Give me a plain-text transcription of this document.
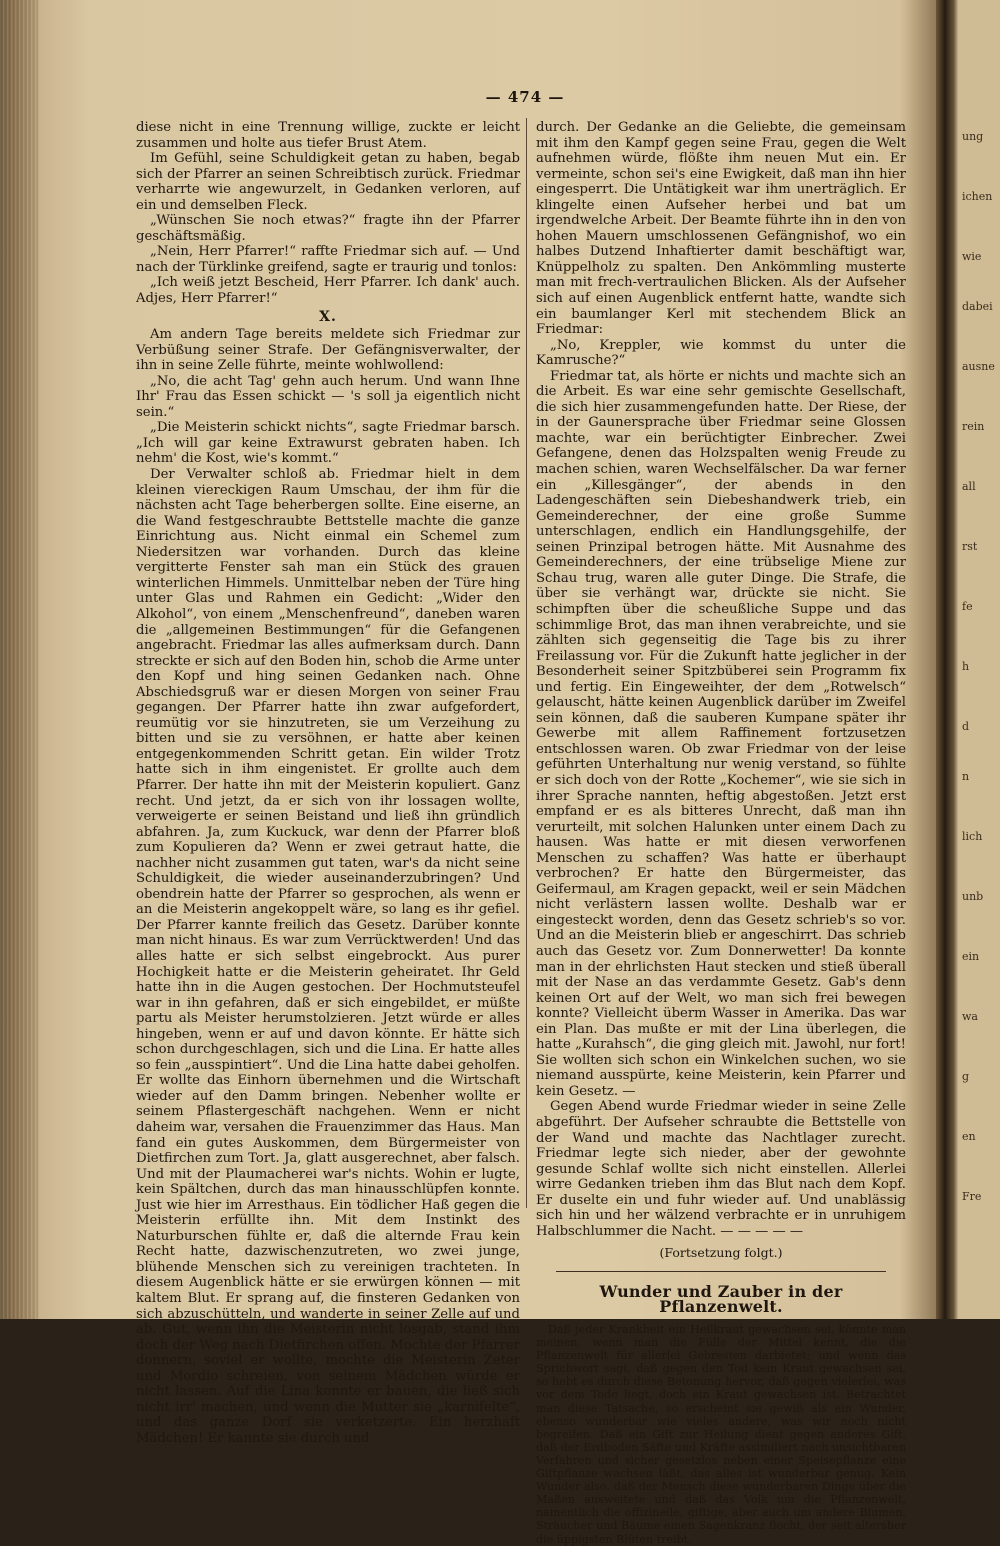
ung
ichen
wie
dabei
ausne
rein
all
rst
fe
h
d
n
lich
unb
ein
wa
g
en
Fre
— 474 —

diese nicht in eine Trennung willige, zuckte er leicht zusammen und holte aus tiefer Brust Atem.

Im Gefühl, seine Schuldigkeit getan zu haben, begab sich der Pfarrer an seinen Schreibtisch zurück. Friedmar verharrte wie angewurzelt, in Gedanken verloren, auf ein und demselben Fleck.

„Wünschen Sie noch etwas?“ fragte ihn der Pfarrer geschäftsmäßig.

„Nein, Herr Pfarrer!“ raffte Friedmar sich auf. — Und nach der Türklinke greifend, sagte er traurig und tonlos:

„Ich weiß jetzt Bescheid, Herr Pfarrer. Ich dank' auch. Adjes, Herr Pfarrer!“

X.

Am andern Tage bereits meldete sich Friedmar zur Verbüßung seiner Strafe. Der Gefängnisverwalter, der ihn in seine Zelle führte, meinte wohlwollend:

„No, die acht Tag' gehn auch herum. Und wann Ihne Ihr' Frau das Essen schickt — 's soll ja eigentlich nicht sein.“

„Die Meisterin schickt nichts“, sagte Friedmar barsch. „Ich will gar keine Extrawurst gebraten haben. Ich nehm' die Kost, wie's kommt.“

Der Verwalter schloß ab. Friedmar hielt in dem kleinen viereckigen Raum Umschau, der ihm für die nächsten acht Tage beherbergen sollte. Eine eiserne, an die Wand festgeschraubte Bettstelle machte die ganze Einrichtung aus. Nicht einmal ein Schemel zum Niedersitzen war vorhanden. Durch das kleine vergitterte Fenster sah man ein Stück des grauen winterlichen Himmels. Unmittelbar neben der Türe hing unter Glas und Rahmen ein Gedicht: „Wider den Alkohol“, von einem „Menschenfreund“, daneben waren die „allgemeinen Bestimmungen“ für die Gefangenen angebracht. Friedmar las alles aufmerksam durch. Dann streckte er sich auf den Boden hin, schob die Arme unter den Kopf und hing seinen Gedanken nach. Ohne Abschiedsgruß war er diesen Morgen von seiner Frau gegangen. Der Pfarrer hatte ihn zwar aufgefordert, reumütig vor sie hinzutreten, sie um Verzeihung zu bitten und sie zu versöhnen, er hatte aber keinen entgegenkommenden Schritt getan. Ein wilder Trotz hatte sich in ihm eingenistet. Er grollte auch dem Pfarrer. Der hatte ihn mit der Meisterin kopuliert. Ganz recht. Und jetzt, da er sich von ihr lossagen wollte, verweigerte er seinen Beistand und ließ ihn gründlich abfahren. Ja, zum Kuckuck, war denn der Pfarrer bloß zum Kopulieren da? Wenn er zwei getraut hatte, die nachher nicht zusammen gut taten, war's da nicht seine Schuldigkeit, die wieder auseinanderzubringen? Und obendrein hatte der Pfarrer so gesprochen, als wenn er an die Meisterin angekoppelt wäre, so lang es ihr gefiel. Der Pfarrer kannte freilich das Gesetz. Darüber konnte man nicht hinaus. Es war zum Verrücktwerden! Und das alles hatte er sich selbst eingebrockt. Aus purer Hochigkeit hatte er die Meisterin geheiratet. Ihr Geld hatte ihn in die Augen gestochen. Der Hochmutsteufel war in ihn gefahren, daß er sich eingebildet, er müßte partu als Meister herumstolzieren. Jetzt würde er alles hingeben, wenn er auf und davon könnte. Er hätte sich schon durchgeschlagen, sich und die Lina. Er hatte alles so fein „ausspintiert“. Und die Lina hatte dabei geholfen. Er wollte das Einhorn übernehmen und die Wirtschaft wieder auf den Damm bringen. Nebenher wollte er seinem Pflastergeschäft nachgehen. Wenn er nicht daheim war, versahen die Frauenzimmer das Haus. Man fand ein gutes Auskommen, dem Bürgermeister von Dietfirchen zum Tort. Ja, glatt ausgerechnet, aber falsch. Und mit der Plaumacherei war's nichts. Wohin er lugte, kein Spältchen, durch das man hinausschlüpfen konnte. Just wie hier im Arresthaus. Ein tödlicher Haß gegen die Meisterin erfüllte ihn. Mit dem Instinkt des Naturburschen fühlte er, daß die alternde Frau kein Recht hatte, dazwischenzutreten, wo zwei junge, blühende Menschen sich zu vereinigen trachteten. In diesem Augenblick hätte er sie erwürgen können — mit kaltem Blut. Er sprang auf, die finsteren Gedanken von sich abzuschütteln, und wanderte in seiner Zelle auf und ab. Gut, wenn ihn die Meisterin nicht losgab, stand ihm doch der Weg nach Dietfirchen offen. Mochte der Pfarrer donnern, soviel er wollte, mochte die Meisterin Zeter und Mordio schreien, von seinem Mädchen würde er nicht lassen. Auf die Lina konnte er bauen, die ließ sich nicht irr' machen, und wenn die Mutter sie „karnifelte“, und das ganze Dorf sie verketzerte. Ein herzhaft Mädchen! Er kannte sie durch und

durch. Der Gedanke an die Geliebte, die gemeinsam mit ihm den Kampf gegen seine Frau, gegen die Welt aufnehmen würde, flößte ihm neuen Mut ein. Er vermeinte, schon sei's eine Ewigkeit, daß man ihn hier eingesperrt. Die Untätigkeit war ihm unerträglich. Er klingelte einen Aufseher herbei und bat um irgendwelche Arbeit. Der Beamte führte ihn in den von hohen Mauern umschlossenen Gefängnishof, wo ein halbes Dutzend Inhaftierter damit beschäftigt war, Knüppelholz zu spalten. Den Ankömmling musterte man mit frech-vertraulichen Blicken. Als der Aufseher sich auf einen Augenblick entfernt hatte, wandte sich ein baumlanger Kerl mit stechendem Blick an Friedmar:

„No, Kreppler, wie kommst du unter die Kamrusche?“

Friedmar tat, als hörte er nichts und machte sich an die Arbeit. Es war eine sehr gemischte Gesellschaft, die sich hier zusammengefunden hatte. Der Riese, der in der Gaunersprache über Friedmar seine Glossen machte, war ein berüchtigter Einbrecher. Zwei Gefangene, denen das Holzspalten wenig Freude zu machen schien, waren Wechselfälscher. Da war ferner ein „Killesgänger“, der abends in den Ladengeschäften sein Diebeshandwerk trieb, ein Gemeinderechner, der eine große Summe unterschlagen, endlich ein Handlungsgehilfe, der seinen Prinzipal betrogen hätte. Mit Ausnahme des Gemeinderechners, der eine trübselige Miene zur Schau trug, waren alle guter Dinge. Die Strafe, die über sie verhängt war, drückte sie nicht. Sie schimpften über die scheußliche Suppe und das schimmlige Brot, das man ihnen verabreichte, und sie zählten sich gegenseitig die Tage bis zu ihrer Freilassung vor. Für die Zukunft hatte jeglicher in der Besonderheit seiner Spitzbüberei sein Programm fix und fertig. Ein Eingeweihter, der dem „Rotwelsch“ gelauscht, hätte keinen Augenblick darüber im Zweifel sein können, daß die sauberen Kumpane später ihr Gewerbe mit allem Raffinement fortzusetzen entschlossen waren. Ob zwar Friedmar von der leise geführten Unterhaltung nur wenig verstand, so fühlte er sich doch von der Rotte „Kochemer“, wie sie sich in ihrer Sprache nannten, heftig abgestoßen. Jetzt erst empfand er es als bitteres Unrecht, daß man ihn verurteilt, mit solchen Halunken unter einem Dach zu hausen. Was hatte er mit diesen verworfenen Menschen zu schaffen? Was hatte er überhaupt verbrochen? Er hatte den Bürgermeister, das Geifermaul, am Kragen gepackt, weil er sein Mädchen nicht verlästern lassen wollte. Deshalb war er eingesteckt worden, denn das Gesetz schrieb's so vor. Und an die Meisterin blieb er angeschirrt. Das schrieb auch das Gesetz vor. Zum Donnerwetter! Da konnte man in der ehrlichsten Haut stecken und stieß überall mit der Nase an das verdammte Gesetz. Gab's denn keinen Ort auf der Welt, wo man sich frei bewegen konnte? Vielleicht überm Wasser in Amerika. Das war ein Plan. Das mußte er mit der Lina überlegen, die hatte „Kurahsch“, die ging gleich mit. Jawohl, nur fort! Sie wollten sich schon ein Winkelchen suchen, wo sie niemand ausspürte, keine Meisterin, kein Pfarrer und kein Gesetz. —

Gegen Abend wurde Friedmar wieder in seine Zelle abgeführt. Der Aufseher schraubte die Bettstelle von der Wand und machte das Nachtlager zurecht. Friedmar legte sich nieder, aber der gewohnte gesunde Schlaf wollte sich nicht einstellen. Allerlei wirre Gedanken trieben ihm das Blut nach dem Kopf. Er duselte ein und fuhr wieder auf. Und unablässig sich hin und her wälzend verbrachte er in unruhigem Halbschlummer die Nacht. — — — — —

(Fortsetzung folgt.)
Wunder und Zauber in der Pflanzenwelt.

Daß jeder Krankheit ein Heilkraut gewachsen sei, könnte man meinen, wenn man die Fülle der Mittel kennt, die die Pflanzenwelt für allerlei Gebresten darbietet; und wenn das Sprichwort sagt, daß gegen den Tod kein Kraut gewachsen sei, so hebt es durch diese Betonung hervor, daß gegen vielerlei, was vor dem Tode liegt, doch ein Kraut gewachsen ist. Betrachtet man diese Tatsache, so erscheint sie gewiß als ein Wunder, ebenso wunderbar wie vieles andere, was wir noch nicht begreifen. Daß ein Gift zur Heilung dient gegen anderes Gift, daß der Erdboden Säfte und Kräfte assimiliert nach unsichtbaren Verfahren und sicher gesetzlos neben einer Speisepflanze eine Giftpflanze wachsen läßt, das alles ist wunderbar genug. Kein Wunder also, daß der Mensch diese wunderbaren Dinge über die Maßen ausweitete und daß das Volk um die Pflanzenwelt, namentlich die offizinelle, giftige, aber auch um andere Blumen, Sträucher und Bäume einen Sagenkranz flocht, der seit altersher die üppigsten Blüten treibt.
